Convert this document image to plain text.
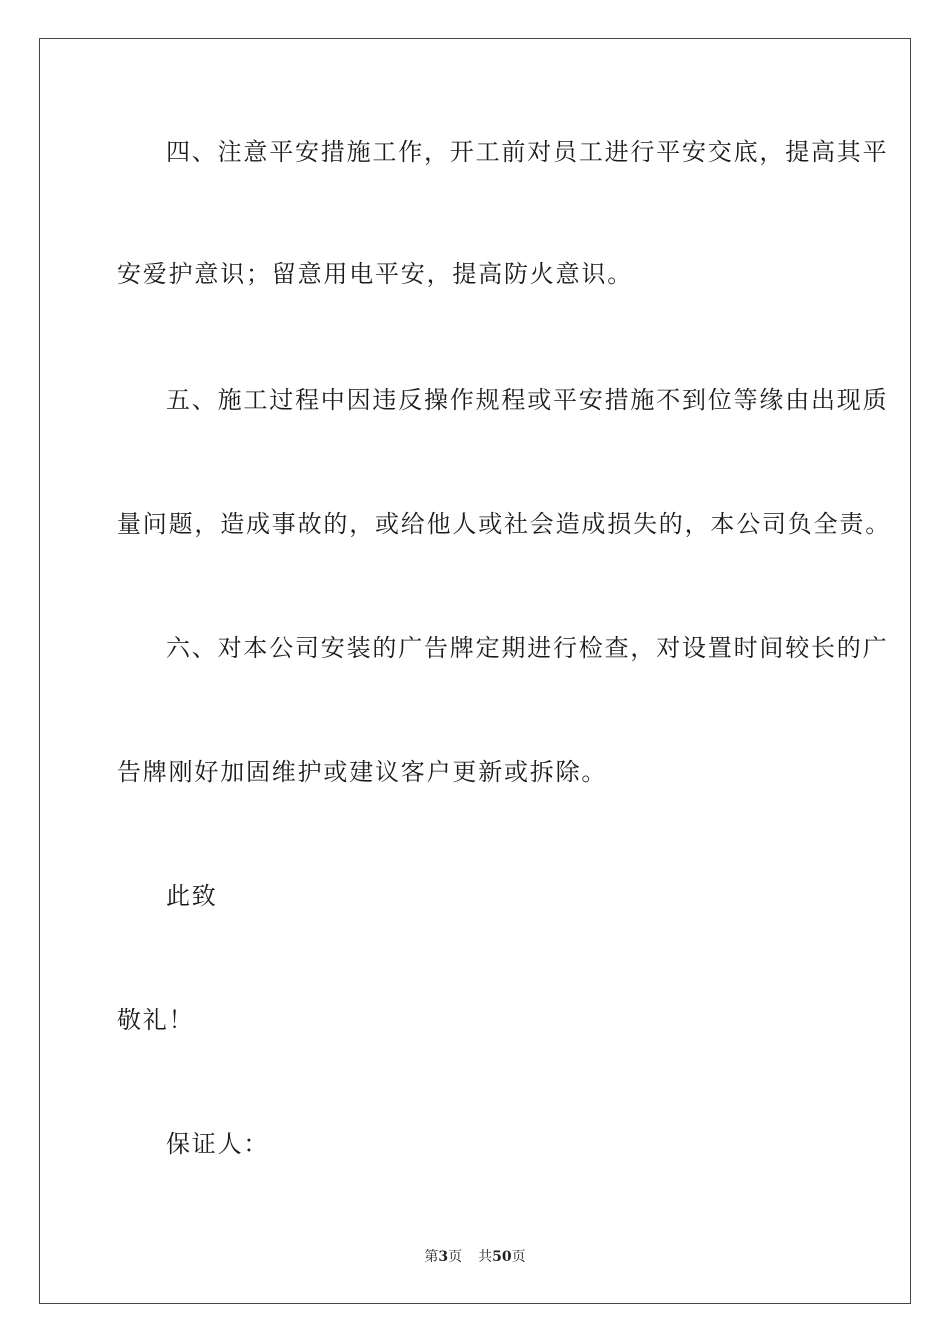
四、注意平安措施工作，开工前对员工进行平安交底，提高其平
安爱护意识；留意用电平安，提高防火意识。
五、施工过程中因违反操作规程或平安措施不到位等缘由出现质
量问题，造成事故的，或给他人或社会造成损失的，本公司负全责。
六、对本公司安装的广告牌定期进行检查，对设置时间较长的广
告牌刚好加固维护或建议客户更新或拆除。
此致
敬礼！
保证人：
第3页 共50页
